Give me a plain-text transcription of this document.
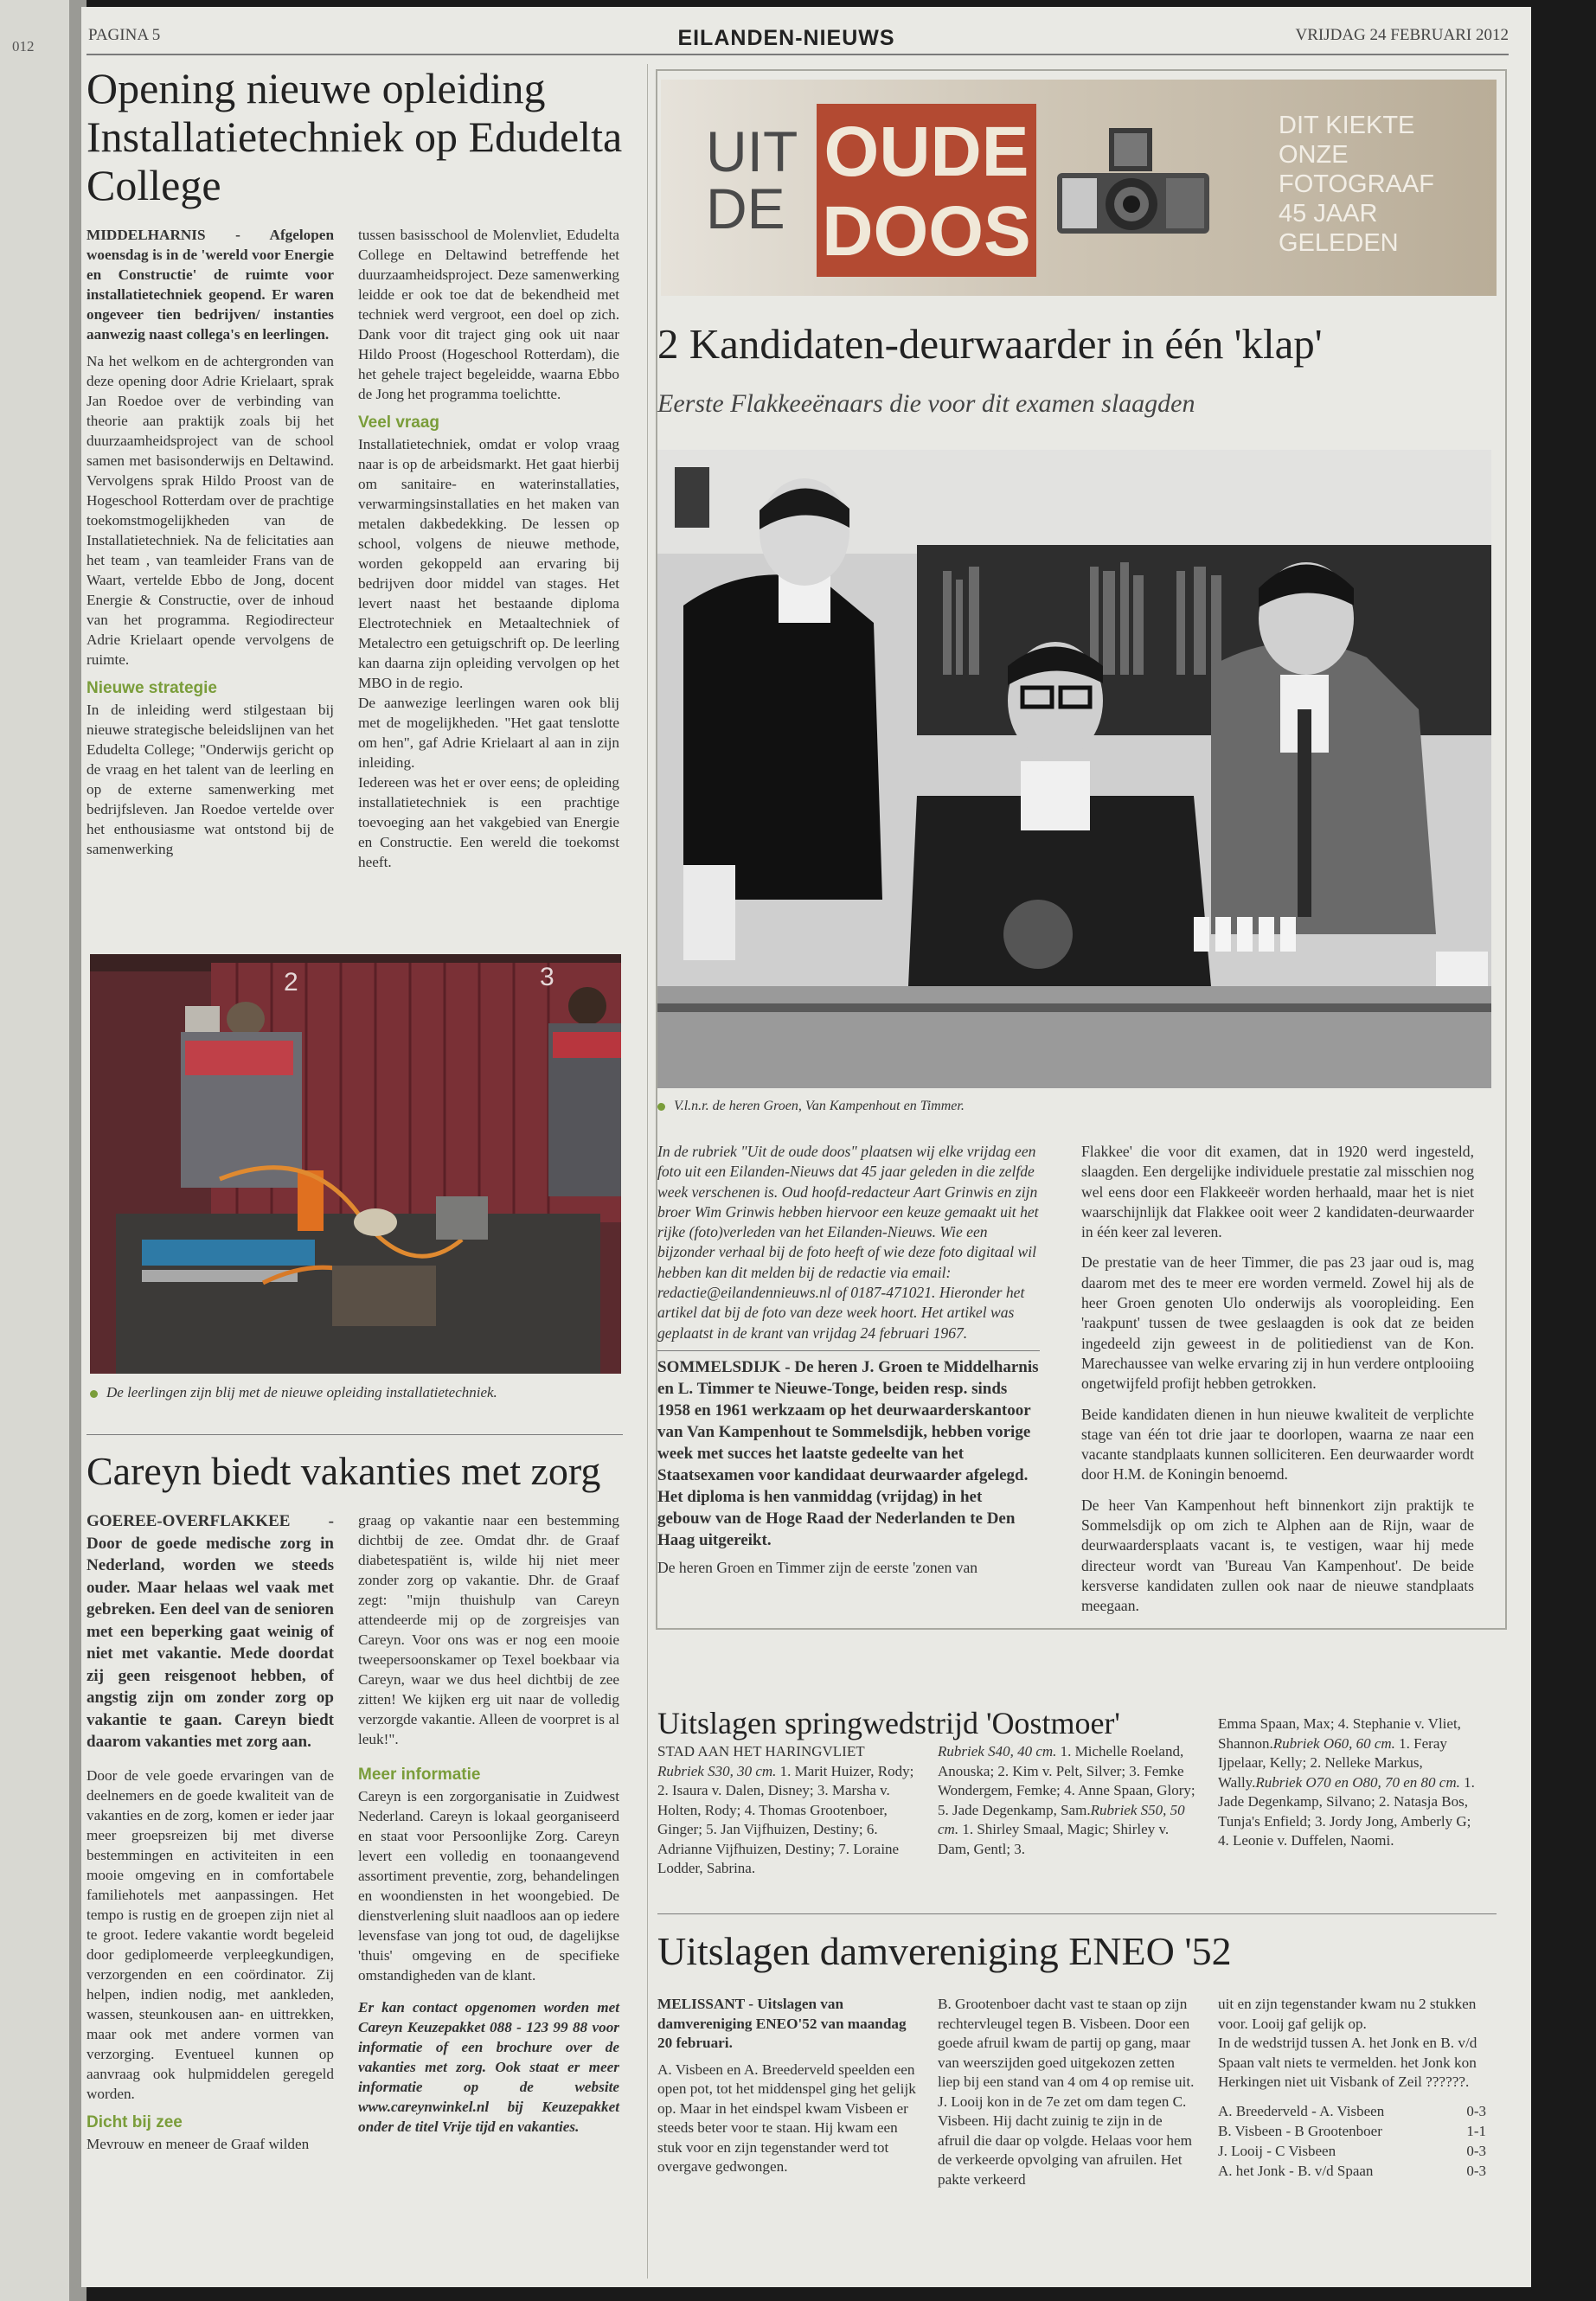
012
PAGINA 5	EILANDEN-NIEUWS	VRIJDAG 24 FEBRUARI 2012
Opening nieuwe opleiding Installatietechniek op Edudelta College

MIDDELHARNIS - Afgelopen woensdag is in de 'wereld voor Energie en Constructie' de ruimte voor installatietechniek geopend. Er waren ongeveer tien bedrijven/ instanties aanwezig naast collega's en leerlingen.

Na het welkom en de achtergronden van deze opening door Adrie Krielaart, sprak Jan Roedoe over de verbinding van theorie aan praktijk zoals bij het duurzaamheidsproject van de school samen met basisonderwijs en Deltawind. Vervolgens sprak Hildo Proost van de Hogeschool Rotterdam over de prachtige toekomstmogelijkheden van de Installatietechniek. Na de felicitaties aan het team , van teamleider Frans van de Waart, vertelde Ebbo de Jong, docent Energie & Constructie, over de inhoud van het programma. Regiodirecteur Adrie Krielaart opende vervolgens de ruimte.

Nieuwe strategie

In de inleiding werd stilgestaan bij nieuwe strategische beleidslijnen van het Edudelta College; "Onderwijs gericht op de vraag en het talent van de leerling en op de externe samenwerking met bedrijfsleven. Jan Roedoe vertelde over het enthousiasme wat ontstond bij de samenwerking

tussen basisschool de Molenvliet, Edudelta College en Deltawind betreffende het duurzaamheidsproject. Deze samenwerking leidde er ook toe dat de bekendheid met techniek werd vergroot, een doel op zich. Dank voor dit traject ging ook uit naar Hildo Proost (Hogeschool Rotterdam), die het gehele traject begeleidde, waarna Ebbo de Jong het programma toelichtte.

Veel vraag

Installatietechniek, omdat er volop vraag naar is op de arbeidsmarkt. Het gaat hierbij om sanitaire- en waterinstallaties, verwarmingsinstallaties en het maken van metalen dakbedekking. De lessen op school, volgens de nieuwe methode, worden gekoppeld aan ervaring bij bedrijven door middel van stages. Het levert naast het bestaande diploma Electrotechniek en Metaaltechniek of Metalectro een getuigschrift op. De leerling kan daarna zijn opleiding vervolgen op het MBO in de regio.

De aanwezige leerlingen waren ook blij met de mogelijkheden. "Het gaat tenslotte om hen", gaf Adrie Krielaart al aan in zijn inleiding.

Iedereen was het er over eens; de opleiding installatietechniek is een prachtige toevoeging aan het vakgebied van Energie en Constructie. Een wereld die toekomst heeft.

2	3
De leerlingen zijn blij met de nieuwe opleiding installatietechniek.
Careyn biedt vakanties met zorg

GOEREE-OVERFLAKKEE - Door de goede medische zorg in Nederland, worden we steeds ouder. Maar helaas wel vaak met gebreken. Een deel van de senioren met een beperking gaat weinig of niet met vakantie. Mede doordat zij geen reisgenoot hebben, of angstig zijn om zonder zorg op vakantie te gaan. Careyn biedt daarom vakanties met zorg aan.

Door de vele goede ervaringen van de deelnemers en de goede kwaliteit van de vakanties en de zorg, komen er ieder jaar meer groepsreizen bij met diverse bestemmingen en activiteiten in een mooie omgeving en in comfortabele familiehotels met aanpassingen. Het tempo is rustig en de groepen zijn niet al te groot. Iedere vakantie wordt begeleid door gediplomeerde verpleegkundigen, verzorgenden en een coördinator. Zij helpen, indien nodig, met aankleden, wassen, steunkousen aan- en uittrekken, maar ook met andere vormen van verzorging. Eventueel kunnen op aanvraag ook hulpmiddelen geregeld worden.

Dicht bij zee

Mevrouw en meneer de Graaf wilden

graag op vakantie naar een bestemming dichtbij de zee. Omdat dhr. de Graaf diabetespatiënt is, wilde hij niet meer zonder zorg op vakantie. Dhr. de Graaf zegt: "mijn thuishulp van Careyn attendeerde mij op de zorgreisjes van Careyn. Voor ons was er nog een mooie tweepersoonskamer op Texel boekbaar via Careyn, waar we dus heel dichtbij de zee zitten! We kijken erg uit naar de volledig verzorgde vakantie. Alleen de voorpret is al leuk!".

Meer informatie

Careyn is een zorgorganisatie in Zuidwest Nederland. Careyn is lokaal georganiseerd en staat voor Persoonlijke Zorg. Careyn levert een volledig en toonaangevend assortiment preventie, zorg, behandelingen en woondiensten in het woongebied. De dienstverlening sluit naadloos aan op iedere levensfase van jong tot oud, de dagelijkse 'thuis' omgeving en de specifieke omstandigheden van de klant.

Er kan contact opgenomen worden met Careyn Keuzepakket 088 - 123 99 88 voor informatie of een brochure over de vakanties met zorg. Ook staat er meer informatie op de website www.careynwinkel.nl bij Keuzepakket onder de titel Vrije tijd en vakanties.

UIT
DE
OUDE
DOOS
DIT KIEKTE ONZE FOTOGRAAF 45 JAAR GELEDEN
2 Kandidaten-deurwaarder in één 'klap'
Eerste Flakkeeënaars die voor dit examen slaagden
V.l.n.r. de heren Groen, Van Kampenhout en Timmer.

In de rubriek "Uit de oude doos" plaatsen wij elke vrijdag een foto uit een Eilanden-Nieuws dat 45 jaar geleden in die zelfde week verschenen is. Oud hoofd-redacteur Aart Grinwis en zijn broer Wim Grinwis hebben hiervoor een keuze gemaakt uit het rijke (foto)verleden van het Eilanden-Nieuws. Wie een bijzonder verhaal bij de foto heeft of wie deze foto digitaal wil hebben kan dit melden bij de redactie via email: redactie@eilandennieuws.nl of 0187-471021. Hieronder het artikel dat bij de foto van deze week hoort. Het artikel was geplaatst in de krant van vrijdag 24 februari 1967.

SOMMELSDIJK - De heren J. Groen te Middelharnis en L. Timmer te Nieuwe-Tonge, beiden resp. sinds 1958 en 1961 werkzaam op het deurwaarderskantoor van Van Kampenhout te Sommelsdijk, hebben vorige week met succes het laatste gedeelte van het Staatsexamen voor kandidaat deurwaarder afgelegd. Het diploma is hen vanmiddag (vrijdag) in het gebouw van de Hoge Raad der Nederlanden te Den Haag uitgereikt.

De heren Groen en Timmer zijn de eerste 'zonen van

Flakkee' die voor dit examen, dat in 1920 werd ingesteld, slaagden. Een dergelijke individuele prestatie zal misschien nog wel eens door een Flakkeeër worden herhaald, maar het is niet waarschijnlijk dat Flakkee ooit weer 2 kandidaten-deurwaarder in één keer zal leveren.

De prestatie van de heer Timmer, die pas 23 jaar oud is, mag daarom met des te meer ere worden vermeld. Zowel hij als de heer Groen genoten Ulo onderwijs als vooropleiding. Een 'raakpunt' tussen de twee geslaagden is ook dat ze beiden ingedeeld zijn geweest in de politiedienst van de Kon. Marechaussee van welke ervaring zij in hun verdere ontplooiing ongetwijfeld profijt hebben getrokken.

Beide kandidaten dienen in hun nieuwe kwaliteit de verplichte stage van één tot drie jaar te doorlopen, waarna ze naar een vacante standplaats kunnen solliciteren. Een deurwaarder wordt door H.M. de Koningin benoemd.

De heer Van Kampenhout heft binnenkort zijn praktijk te Sommelsdijk op om zich te Alphen aan de Rijn, waar de deurwaardersplaats vacant is, te vestigen, waar hij mede directeur wordt van 'Bureau Van Kampenhout'. De beide kersverse kandidaten zullen ook naar de nieuwe standplaats meegaan.

Uitslagen springwedstrijd 'Oostmoer'
STAD AAN HET HARINGVLIET
Rubriek S30, 30 cm. 1. Marit Huizer, Rody; 2. Isaura v. Dalen, Disney; 3. Marsha v. Holten, Rody; 4. Thomas Grootenboer, Ginger; 5. Jan Vijfhuizen, Destiny; 6. Adrianne Vijfhuizen, Destiny; 7. Loraine Lodder, Sabrina.
Rubriek S40, 40 cm. 1. Michelle Roeland, Anouska; 2. Kim v. Pelt, Silver; 3. Femke Wondergem, Femke; 4. Anne Spaan, Glory; 5. Jade Degenkamp, Sam.Rubriek S50, 50 cm. 1. Shirley Smaal, Magic; Shirley v. Dam, Gentl; 3.
Emma Spaan, Max; 4. Stephanie v. Vliet, Shannon.Rubriek O60, 60 cm. 1. Feray Ijpelaar, Kelly; 2. Nelleke Markus, Wally.Rubriek O70 en O80, 70 en 80 cm. 1. Jade Degenkamp, Silvano; 2. Natasja Bos, Tunja's Enfield; 3. Jordy Jong, Amberly G; 4. Leonie v. Duffelen, Naomi.
Uitslagen damvereniging ENEO '52

MELISSANT - Uitslagen van damvereniging ENEO'52 van maandag 20 februari.

A. Visbeen en A. Breederveld speelden een open pot, tot het middenspel ging het gelijk op. Maar in het eindspel kwam Visbeen er steeds beter voor te staan. Hij kwam een stuk voor en zijn tegenstander werd tot overgave gedwongen.

B. Grootenboer dacht vast te staan op zijn rechtervleugel tegen B. Visbeen. Door een goede afruil kwam de partij op gang, maar van weerszijden goed uitgekozen zetten liep bij een stand van 4 om 4 op remise uit.

J. Looij kon in de 7e zet om dam tegen C. Visbeen. Hij dacht zuinig te zijn in de afruil die daar op volgde. Helaas voor hem de verkeerde opvolging van afruilen. Het pakte verkeerd

uit en zijn tegenstander kwam nu 2 stukken voor. Looij gaf gelijk op.

In de wedstrijd tussen A. het Jonk en B. v/d Spaan valt niets te vermelden. het Jonk kon Herkingen niet uit Visbank of Zeil ??????.

A. Breederveld - A. Visbeen	0-3
B. Visbeen - B Grootenboer	1-1
J. Looij - C Visbeen	0-3
A. het Jonk - B. v/d Spaan	0-3
